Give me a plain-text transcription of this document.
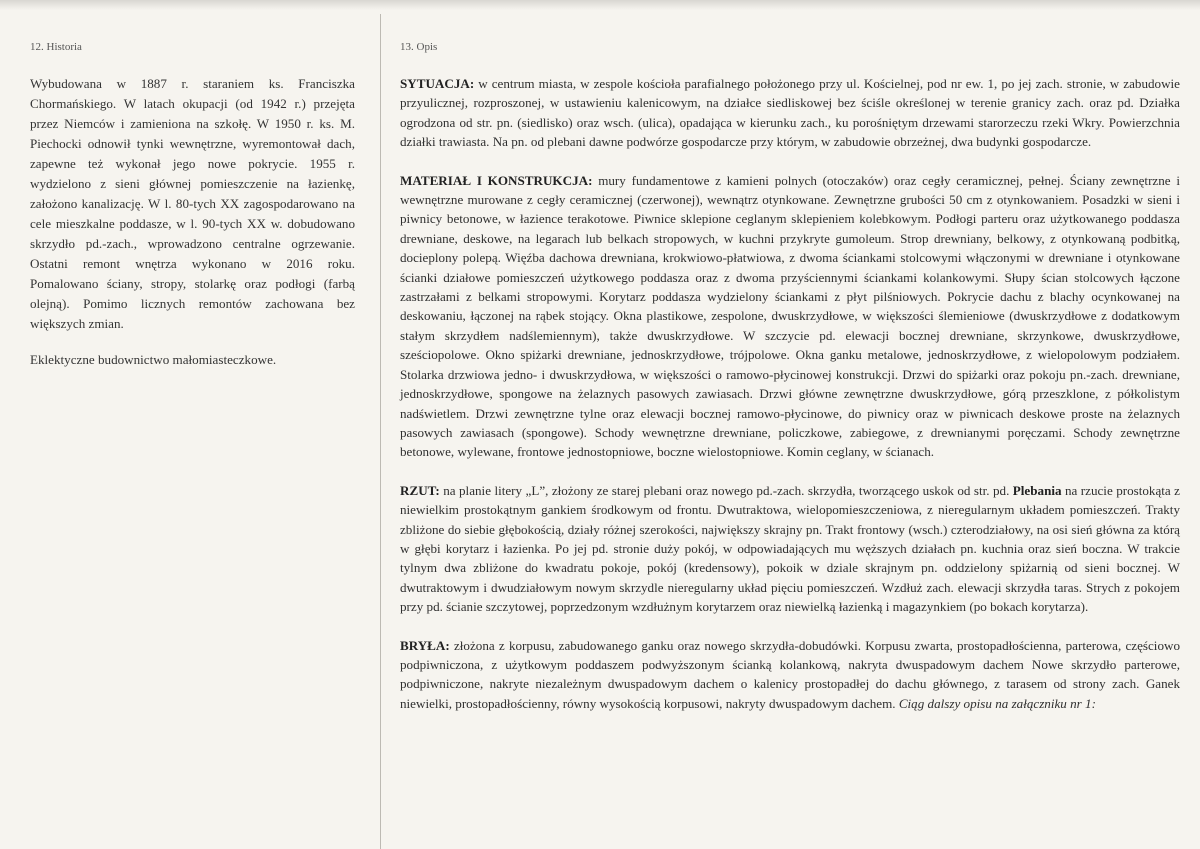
12. Historia

Wybudowana w 1887 r. staraniem ks. Franciszka Chormańskiego. W latach okupacji (od 1942 r.) przejęta przez Niemców i zamieniona na szkołę. W 1950 r. ks. M. Piechocki odnowił tynki wewnętrzne, wyremontował dach, zapewne też wykonał jego nowe pokrycie. 1955 r. wydzielono z sieni głównej pomieszczenie na łazienkę, założono kanalizację. W l. 80-tych XX zagospodarowano na cele mieszkalne poddasze, w l. 90-tych XX w. dobudowano skrzydło pd.-zach., wprowadzono centralne ogrzewanie. Ostatni remont wnętrza wykonano w 2016 roku. Pomalowano ściany, stropy, stolarkę oraz podłogi (farbą olejną). Pomimo licznych remontów zachowana bez większych zmian.

Eklektyczne budownictwo małomiasteczkowe.

13. Opis

SYTUACJA: w centrum miasta, w zespole kościoła parafialnego położonego przy ul. Kościelnej, pod nr ew. 1, po jej zach. stronie, w zabudowie przyulicznej, rozproszonej, w ustawieniu kalenicowym, na działce siedliskowej bez ściśle określonej w terenie granicy zach. oraz pd. Działka ogrodzona od str. pn. (siedlisko) oraz wsch. (ulica), opadająca w kierunku zach., ku porośniętym drzewami starorzeczu rzeki Wkry. Powierzchnia działki trawiasta. Na pn. od plebani dawne podwórze gospodarcze przy którym, w zabudowie obrzeżnej, dwa budynki gospodarcze.

MATERIAŁ I KONSTRUKCJA: mury fundamentowe z kamieni polnych (otoczaków) oraz cegły ceramicznej, pełnej. Ściany zewnętrzne i wewnętrzne murowane z cegły ceramicznej (czerwonej), wewnątrz otynkowane. Zewnętrzne grubości 50 cm z otynkowaniem. Posadzki w sieni i piwnicy betonowe, w łazience terakotowe. Piwnice sklepione ceglanym sklepieniem kolebkowym. Podłogi parteru oraz użytkowanego poddasza drewniane, deskowe, na legarach lub belkach stropowych, w kuchni przykryte gumoleum. Strop drewniany, belkowy, z otynkowaną podbitką, docieplony polepą. Więźba dachowa drewniana, krokwiowo-płatwiowa, z dwoma ściankami stolcowymi włączonymi w drewniane i otynkowane ścianki działowe pomieszczeń użytkowego poddasza oraz z dwoma przyściennymi ściankami kolankowymi. Słupy ścian stolcowych łączone zastrzałami z belkami stropowymi. Korytarz poddasza wydzielony ściankami z płyt pilśniowych. Pokrycie dachu z blachy ocynkowanej na deskowaniu, łączonej na rąbek stojący. Okna plastikowe, zespolone, dwuskrzydłowe, w większości ślemieniowe (dwuskrzydłowe z dodatkowym stałym skrzydłem nadślemiennym), także dwuskrzydłowe. W szczycie pd. elewacji bocznej drewniane, skrzynkowe, dwuskrzydłowe, sześciopolowe. Okno spiżarki drewniane, jednoskrzydłowe, trójpolowe. Okna ganku metalowe, jednoskrzydłowe, z wielopolowym podziałem. Stolarka drzwiowa jedno- i dwuskrzydłowa, w większości o ramowo-płycinowej konstrukcji. Drzwi do spiżarki oraz pokoju pn.-zach. drewniane, jednoskrzydłowe, spongowe na żelaznych pasowych zawiasach. Drzwi główne zewnętrzne dwuskrzydłowe, górą przeszklone, z półkolistym nadświetlem. Drzwi zewnętrzne tylne oraz elewacji bocznej ramowo-płycinowe, do piwnicy oraz w piwnicach deskowe proste na żelaznych pasowych zawiasach (spongowe). Schody wewnętrzne drewniane, policzkowe, zabiegowe, z drewnianymi poręczami. Schody zewnętrzne betonowe, wylewane, frontowe jednostopniowe, boczne wielostopniowe. Komin ceglany, w ścianach.

RZUT: na planie litery „L”, złożony ze starej plebani oraz nowego pd.-zach. skrzydła, tworzącego uskok od str. pd. Plebania na rzucie prostokąta z niewielkim prostokątnym gankiem środkowym od frontu. Dwutraktowa, wielopomieszczeniowa, z nieregularnym układem pomieszczeń. Trakty zbliżone do siebie głębokością, działy różnej szerokości, największy skrajny pn. Trakt frontowy (wsch.) czterodziałowy, na osi sień główna za którą w głębi korytarz i łazienka. Po jej pd. stronie duży pokój, w odpowiadających mu węższych działach pn. kuchnia oraz sień boczna. W trakcie tylnym dwa zbliżone do kwadratu pokoje, pokój (kredensowy), pokoik w dziale skrajnym pn. oddzielony spiżarnią od sieni bocznej. W dwutraktowym i dwudziałowym nowym skrzydle nieregularny układ pięciu pomieszczeń. Wzdłuż zach. elewacji skrzydła taras. Strych z pokojem przy pd. ścianie szczytowej, poprzedzonym wzdłużnym korytarzem oraz niewielką łazienką i magazynkiem (po bokach korytarza).

BRYŁA: złożona z korpusu, zabudowanego ganku oraz nowego skrzydła-dobudówki. Korpusu zwarta, prostopadłościenna, parterowa, częściowo podpiwniczona, z użytkowym poddaszem podwyższonym ścianką kolankową, nakryta dwuspadowym dachem Nowe skrzydło parterowe, podpiwniczone, nakryte niezależnym dwuspadowym dachem o kalenicy prostopadłej do dachu głównego, z tarasem od strony zach. Ganek niewielki, prostopadłościenny, równy wysokością korpusowi, nakryty dwuspadowym dachem. Ciąg dalszy opisu na załączniku nr 1:
